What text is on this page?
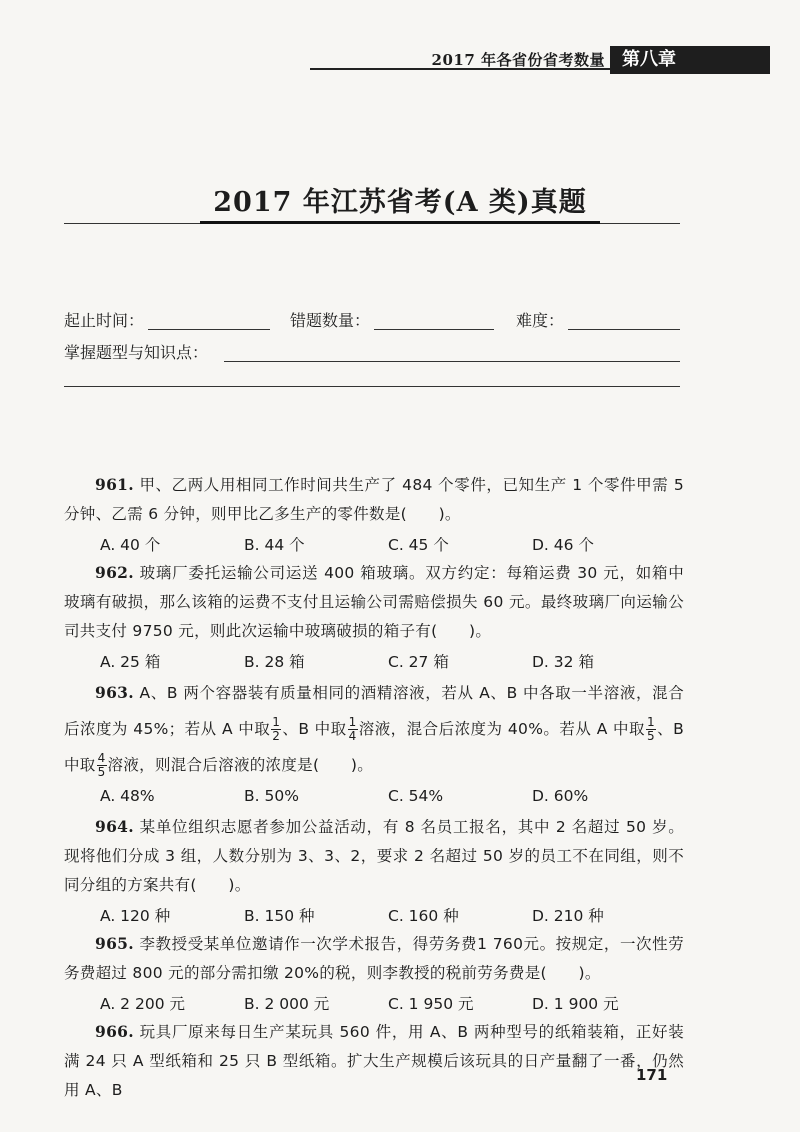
2017 年各省份省考数量 第八章
2017 年江苏省考(A 类)真题
起止时间：	错题数量：	难度：
掌握题型与知识点：

961. 甲、乙两人用相同工作时间共生产了 484 个零件，已知生产 1 个零件甲需 5 分钟、乙需 6 分钟，则甲比乙多生产的零件数是(　　)。

A. 40 个	B. 44 个	C. 45 个	D. 46 个

962. 玻璃厂委托运输公司运送 400 箱玻璃。双方约定：每箱运费 30 元，如箱中玻璃有破损，那么该箱的运费不支付且运输公司需赔偿损失 60 元。最终玻璃厂向运输公司共支付 9750 元，则此次运输中玻璃破损的箱子有(　　)。

A. 25 箱	B. 28 箱	C. 27 箱	D. 32 箱

963. A、B 两个容器装有质量相同的酒精溶液，若从 A、B 中各取一半溶液，混合后浓度为 45%；若从 A 中取 $\frac{1}{2}$ 、B 中取 $\frac{1}{4}$ 溶液，混合后浓度为 40%。若从 A 中取 $\frac{1}{5}$ 、B 中取 $\frac{4}{5}$ 溶液，则混合后溶液的浓度是(　　)。

A. 48%	B. 50%	C. 54%	D. 60%

964. 某单位组织志愿者参加公益活动，有 8 名员工报名，其中 2 名超过 50 岁。现将他们分成 3 组，人数分别为 3、3、2，要求 2 名超过 50 岁的员工不在同组，则不同分组的方案共有(　　)。

A. 120 种	B. 150 种	C. 160 种	D. 210 种

965. 李教授受某单位邀请作一次学术报告，得劳务费1 760元。按规定，一次性劳务费超过 800 元的部分需扣缴 20%的税，则李教授的税前劳务费是(　　)。

A. 2 200 元	B. 2 000 元	C. 1 950 元	D. 1 900 元

966. 玩具厂原来每日生产某玩具 560 件，用 A、B 两种型号的纸箱装箱，正好装满 24 只 A 型纸箱和 25 只 B 型纸箱。扩大生产规模后该玩具的日产量翻了一番，仍然用 A、B

171
